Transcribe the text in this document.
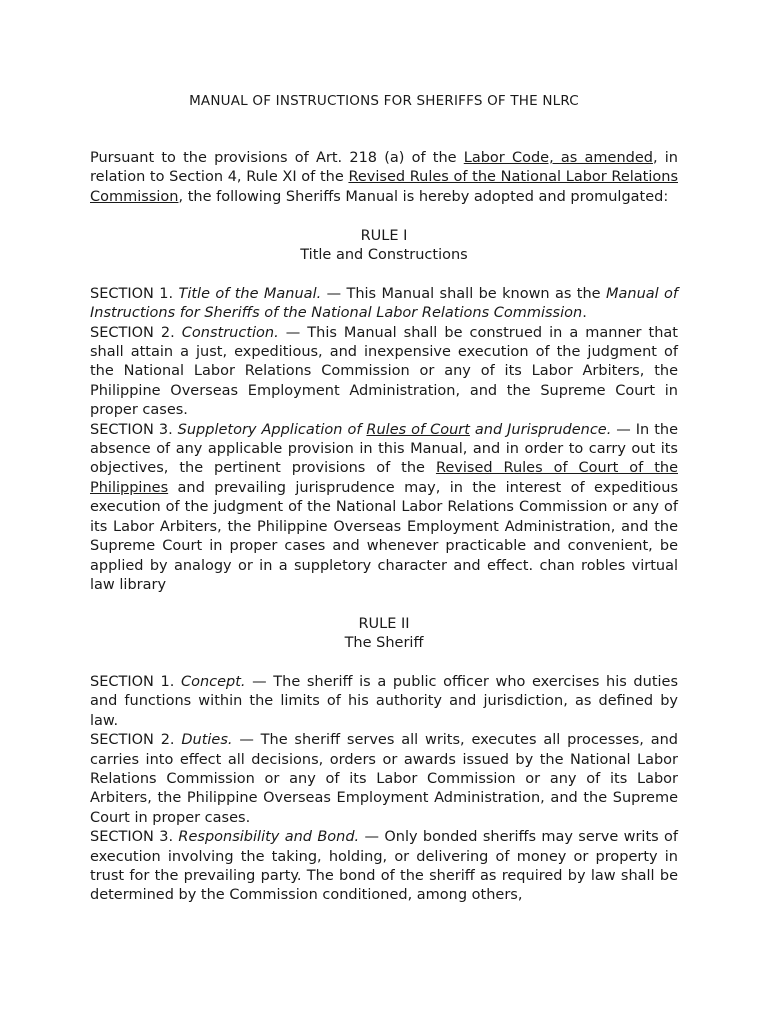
MANUAL OF INSTRUCTIONS FOR SHERIFFS OF THE NLRC

Pursuant to the provisions of Art. 218 (a) of the Labor Code, as amended, in relation to Section 4, Rule XI of the Revised Rules of the National Labor Relations Commission, the following Sheriffs Manual is hereby adopted and promulgated:

RULE I

Title and Constructions

SECTION 1. Title of the Manual. — This Manual shall be known as the Manual of Instructions for Sheriffs of the National Labor Relations Commission.

SECTION 2. Construction. — This Manual shall be construed in a manner that shall attain a just, expeditious, and inexpensive execution of the judgment of the National Labor Relations Commission or any of its Labor Arbiters, the Philippine Overseas Employment Administration, and the Supreme Court in proper cases.

SECTION 3. Suppletory Application of Rules of Court and Jurisprudence. — In the absence of any applicable provision in this Manual, and in order to carry out its objectives, the pertinent provisions of the Revised Rules of Court of the Philippines and prevailing jurisprudence may, in the interest of expeditious execution of the judgment of the National Labor Relations Commission or any of its Labor Arbiters, the Philippine Overseas Employment Administration, and the Supreme Court in proper cases and whenever practicable and convenient, be applied by analogy or in a suppletory character and effect. chan robles virtual law library

RULE II

The Sheriff

SECTION 1. Concept. — The sheriff is a public officer who exercises his duties and functions within the limits of his authority and jurisdiction, as defined by law.

SECTION 2. Duties. — The sheriff serves all writs, executes all processes, and carries into effect all decisions, orders or awards issued by the National Labor Relations Commission or any of its Labor Commission or any of its Labor Arbiters, the Philippine Overseas Employment Administration, and the Supreme Court in proper cases.

SECTION 3. Responsibility and Bond. — Only bonded sheriffs may serve writs of execution involving the taking, holding, or delivering of money or property in trust for the prevailing party. The bond of the sheriff as required by law shall be determined by the Commission conditioned, among others,
